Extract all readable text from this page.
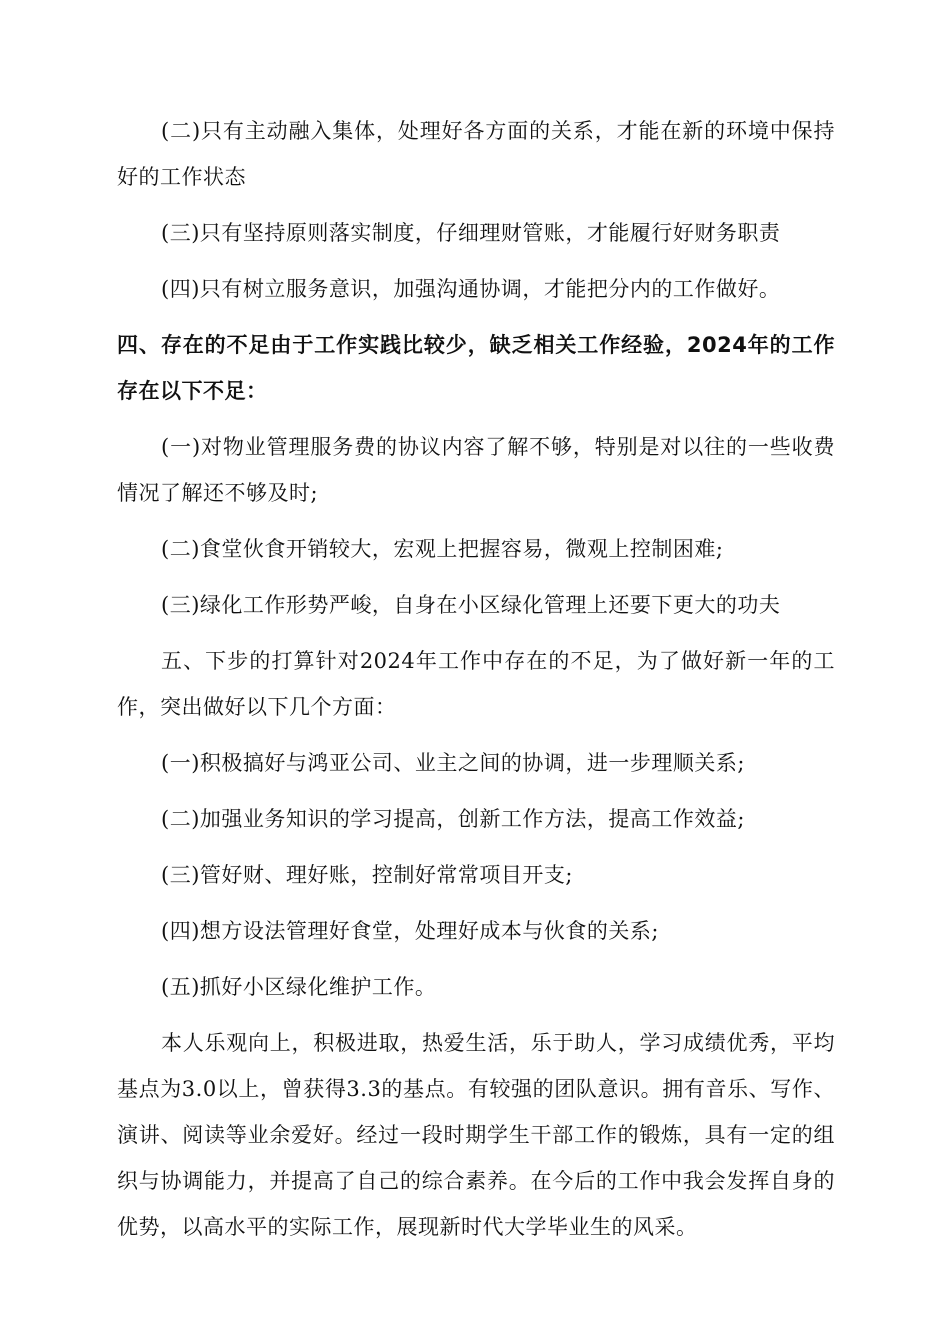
(二)只有主动融入集体，处理好各方面的关系，才能在新的环境中保持好的工作状态

(三)只有坚持原则落实制度，仔细理财管账，才能履行好财务职责

(四)只有树立服务意识，加强沟通协调，才能把分内的工作做好。

四、存在的不足由于工作实践比较少，缺乏相关工作经验，2024年的工作存在以下不足：

(一)对物业管理服务费的协议内容了解不够，特别是对以往的一些收费情况了解还不够及时;

(二)食堂伙食开销较大，宏观上把握容易，微观上控制困难;

(三)绿化工作形势严峻，自身在小区绿化管理上还要下更大的功夫

五、下步的打算针对2024年工作中存在的不足，为了做好新一年的工作，突出做好以下几个方面：

(一)积极搞好与鸿亚公司、业主之间的协调，进一步理顺关系;

(二)加强业务知识的学习提高，创新工作方法，提高工作效益;

(三)管好财、理好账，控制好常常项目开支;

(四)想方设法管理好食堂，处理好成本与伙食的关系;

(五)抓好小区绿化维护工作。

本人乐观向上，积极进取，热爱生活，乐于助人，学习成绩优秀，平均基点为3.0以上，曾获得3.3的基点。有较强的团队意识。拥有音乐、写作、演讲、阅读等业余爱好。经过一段时期学生干部工作的锻炼，具有一定的组织与协调能力，并提高了自己的综合素养。在今后的工作中我会发挥自身的优势，以高水平的实际工作，展现新时代大学毕业生的风采。
